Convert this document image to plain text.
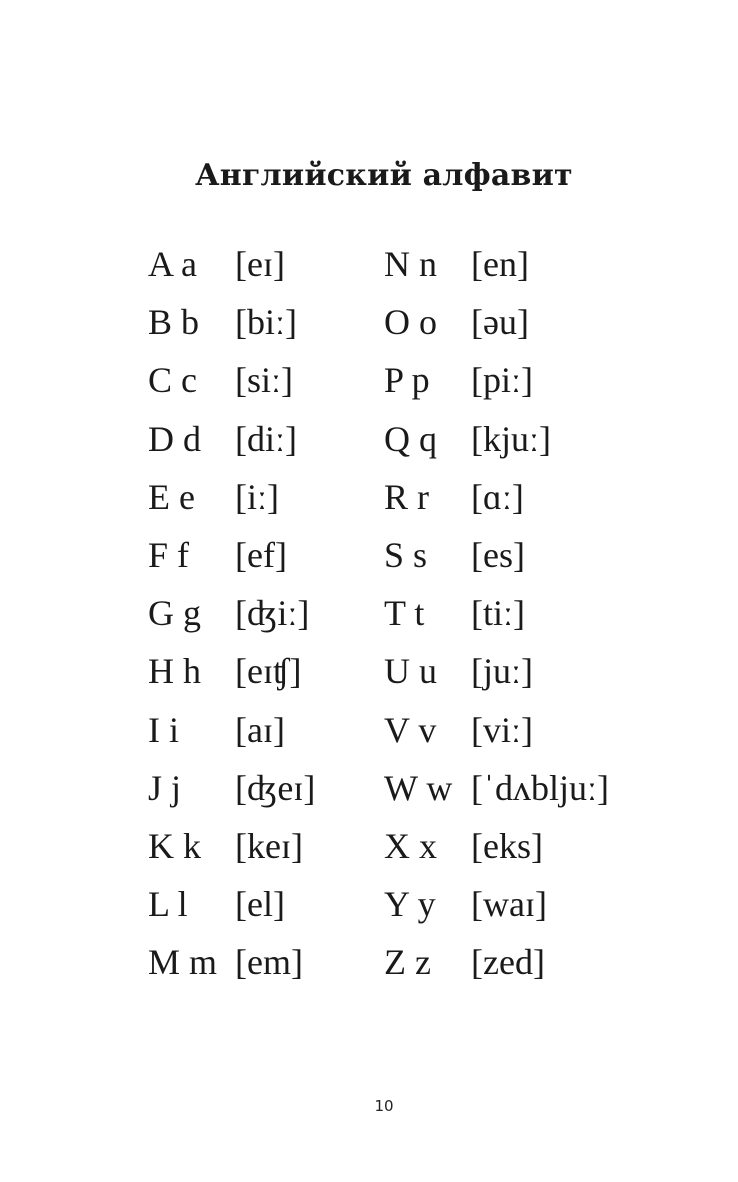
Английский алфавит
A a [eɪ]
B b [biː]
C c [siː]
D d [diː]
E e [iː]
F f [ef]
G g [ʤiː]
H h [eɪʧ]
I i [aɪ]
J j [ʤeɪ]
K k [keɪ]
L l [el]
M m [em]
N n [en]
O o [əu]
P p [piː]
Q q [kjuː]
R r [ɑː]
S s [es]
T t [tiː]
U u [juː]
V v [viː]
W w [ˈdʌbljuː]
X x [eks]
Y y [waɪ]
Z z [zed]
10
